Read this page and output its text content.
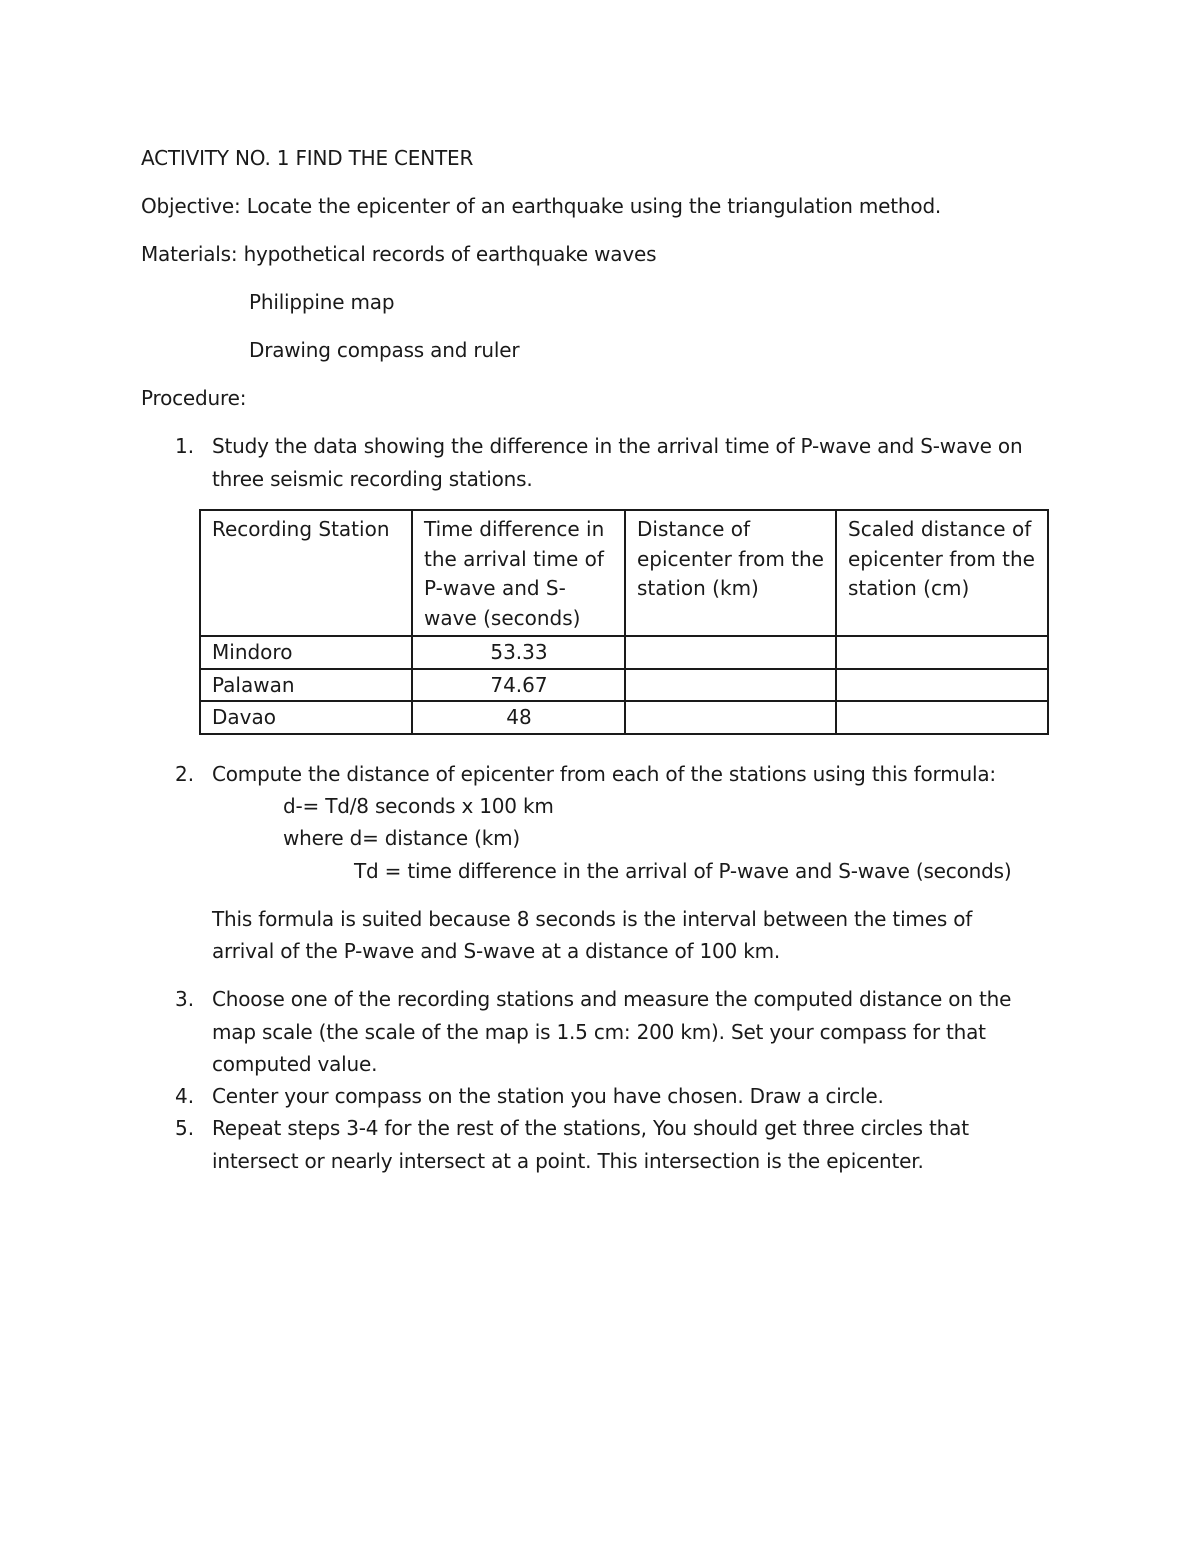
ACTIVITY NO. 1 FIND THE CENTER
Objective: Locate the epicenter of an earthquake using the triangulation method.
Materials: hypothetical records of earthquake waves
Philippine map
Drawing compass and ruler
Procedure:
1. Study the data showing the difference in the arrival time of P-wave and S-wave on
three seismic recording stations.
Recording Station	Time difference in the arrival time of P-wave and S-wave (seconds)	Distance of epicenter from the station (km)	Scaled distance of epicenter from the station (cm)
Mindoro	53.33		
Palawan	74.67		
Davao	48		
2. Compute the distance of epicenter from each of the stations using this formula:
d-= Td/8 seconds x 100 km
where d= distance (km)
Td = time difference in the arrival of P-wave and S-wave (seconds)
This formula is suited because 8 seconds is the interval between the times of
arrival of the P-wave and S-wave at a distance of 100 km.
3. Choose one of the recording stations and measure the computed distance on the
map scale (the scale of the map is 1.5 cm: 200 km). Set your compass for that
computed value.
4. Center your compass on the station you have chosen. Draw a circle.
5. Repeat steps 3-4 for the rest of the stations, You should get three circles that
intersect or nearly intersect at a point. This intersection is the epicenter.
